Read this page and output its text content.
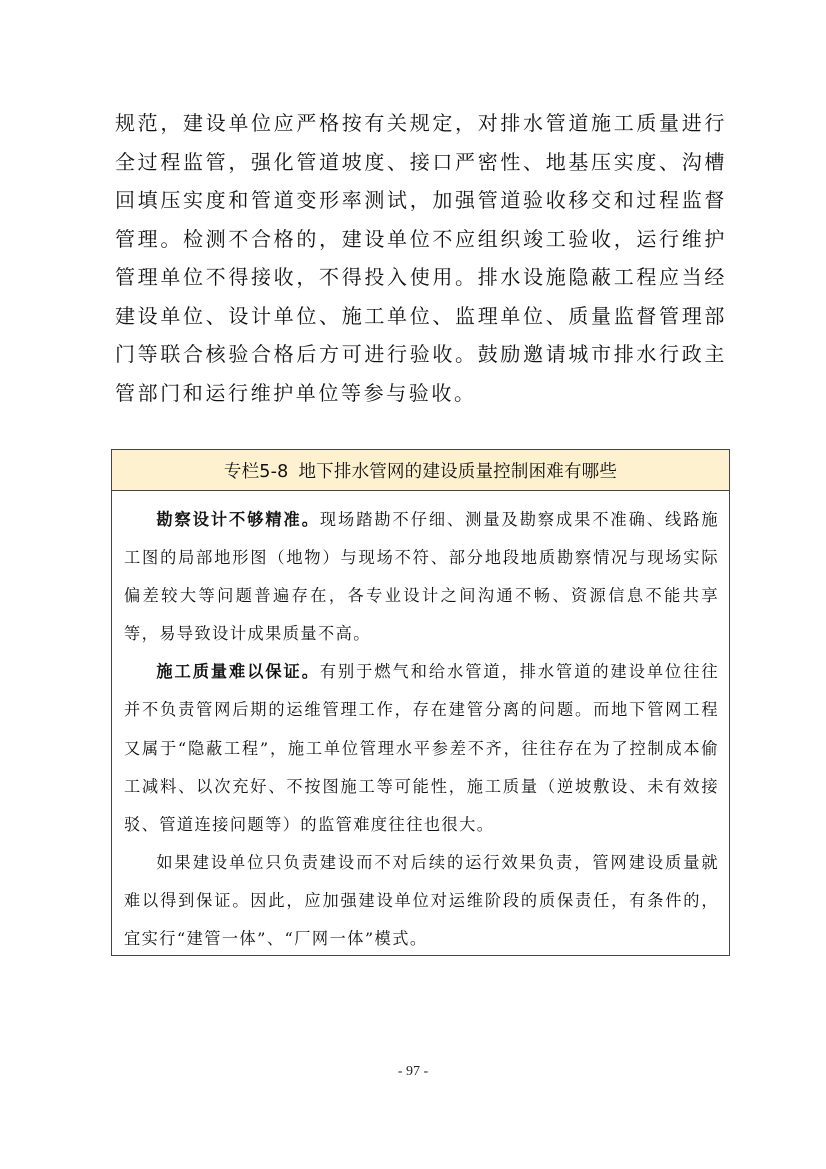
规范，建设单位应严格按有关规定，对排水管道施工质量进行全过程监管，强化管道坡度、接口严密性、地基压实度、沟槽回填压实度和管道变形率测试，加强管道验收移交和过程监督管理。检测不合格的，建设单位不应组织竣工验收，运行维护管理单位不得接收，不得投入使用。排水设施隐蔽工程应当经建设单位、设计单位、施工单位、监理单位、质量监督管理部门等联合核验合格后方可进行验收。鼓励邀请城市排水行政主管部门和运行维护单位等参与验收。

专栏5-8 地下排水管网的建设质量控制困难有哪些

勘察设计不够精准。现场踏勘不仔细、测量及勘察成果不准确、线路施工图的局部地形图（地物）与现场不符、部分地段地质勘察情况与现场实际偏差较大等问题普遍存在，各专业设计之间沟通不畅、资源信息不能共享等，易导致设计成果质量不高。

施工质量难以保证。有别于燃气和给水管道，排水管道的建设单位往往并不负责管网后期的运维管理工作，存在建管分离的问题。而地下管网工程又属于“隐蔽工程”，施工单位管理水平参差不齐，往往存在为了控制成本偷工减料、以次充好、不按图施工等可能性，施工质量（逆坡敷设、未有效接驳、管道连接问题等）的监管难度往往也很大。

如果建设单位只负责建设而不对后续的运行效果负责，管网建设质量就难以得到保证。因此，应加强建设单位对运维阶段的质保责任，有条件的，宜实行“建管一体”、“厂网一体”模式。

- 97 -
